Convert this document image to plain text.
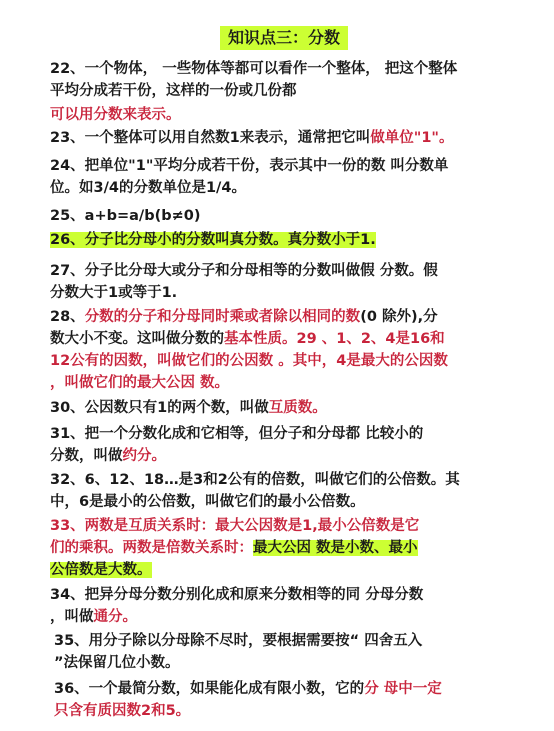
知识点三：分数
22、一个物体， 一些物体等都可以看作一个整体， 把这个整体
平均分成若干份，这样的一份或几份都
可以用分数来表示。
23、一个整体可以用自然数1来表示，通常把它叫做单位"1"。
24、把单位"1"平均分成若干份，表示其中一份的数 叫分数单
位。如3/4的分数单位是1/4。
25、a+b=a/b(b≠0)
26、分子比分母小的分数叫真分数。真分数小于1.
27、分子比分母大或分子和分母相等的分数叫做假 分数。假
分数大于1或等于1.
28、分数的分子和分母同时乘或者除以相同的数(0 除外),分
数大小不变。这叫做分数的基本性质。29 、1、2、4是16和
12公有的因数，叫做它们的公因数 。其中，4是最大的公因数
，叫做它们的最大公因 数。
30、公因数只有1的两个数，叫做互质数。
31、把一个分数化成和它相等，但分子和分母都 比较小的
分数，叫做约分。
32、6、12、18…是3和2公有的倍数，叫做它们的公倍数。其
中，6是最小的公倍数，叫做它们的最小公倍数。
33、两数是互质关系时：最大公因数是1,最小公倍数是它
们的乘积。两数是倍数关系时：最大公因 数是小数、最小
公倍数是大数。
34、把异分母分数分别化成和原来分数相等的同 分母分数
，叫做通分。
35、用分子除以分母除不尽时，要根据需要按“ 四舍五入
”法保留几位小数。
36、一个最简分数，如果能化成有限小数，它的分 母中一定
只含有质因数2和5。
